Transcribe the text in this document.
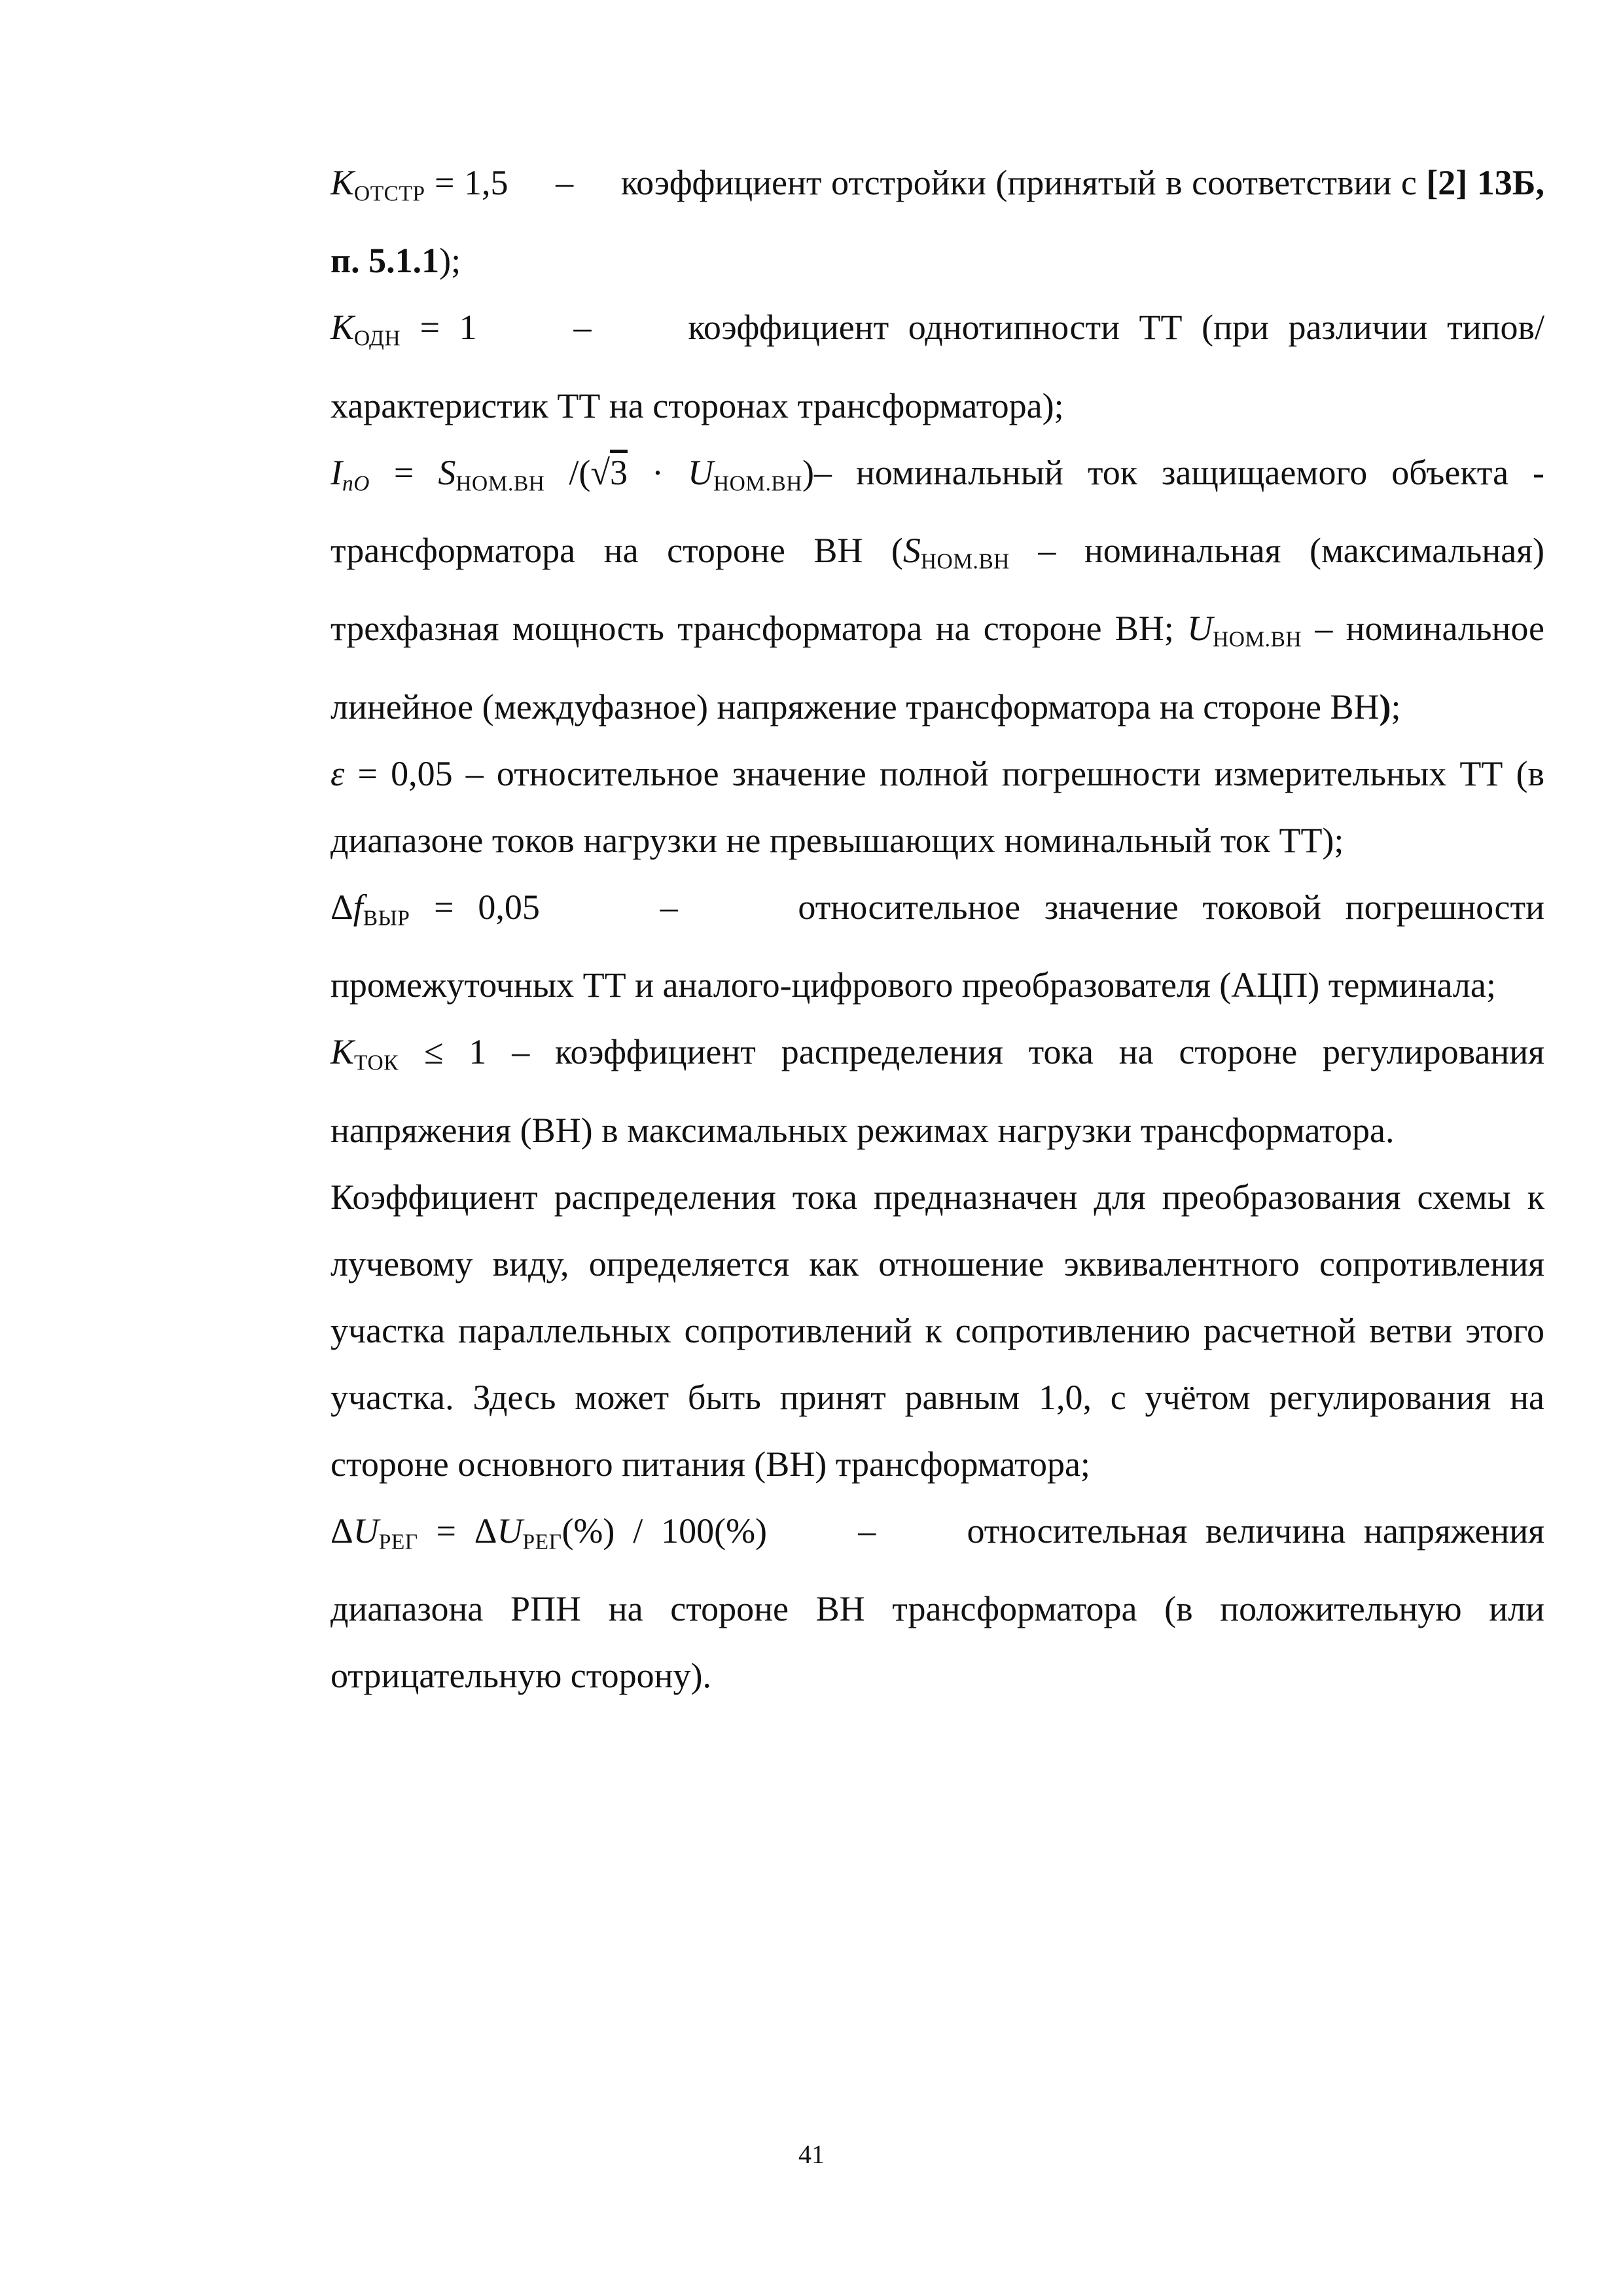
$K_{ОТСТР} = 1,5$ – коэффициент отстройки (принятый в соответствии с [2] 13Б, п. 5.1.1);

$K_{ОДН} = 1$	–	коэффициент однотипности ТТ (при различии типов/характеристик ТТ на сторонах трансформатора);

$I_{nO} = S_{НОМ.ВН}$ $/(√3 \cdot U_{НОМ.ВН})-$ номинальный ток защищаемого объекта - трансформатора на стороне ВН ($S_{НОМ.ВН}$ – номинальная (максимальная) трехфазная мощность трансформатора на стороне ВН; $U_{НОМ.ВН}$ – номинальное линейное (междуфазное) напряжение трансформатора на стороне ВН);

ε = 0,05 – относительное значение полной погрешности измерительных ТТ (в диапазоне токов нагрузки не превышающих номинальный ток ТТ);

$\Delta f_{ВЫР} = 0,05$	–	относительное значение токовой погрешности промежуточных ТТ и аналого-цифрового преобразователя (АЦП) терминала;

$K_{ТОК} \le 1$ – коэффициент распределения тока на стороне регулирования напряжения (ВН) в максимальных режимах нагрузки трансформатора.

Коэффициент распределения тока предназначен для преобразования схемы к лучевому виду, определяется как отношение эквивалентного сопротивления участка параллельных сопротивлений к сопротивлению расчетной ветви этого участка. Здесь может быть принят равным 1,0, с учётом регулирования на стороне основного питания (ВН) трансформатора;

$\Delta U_{РЕГ} = \Delta U_{РЕГ}(\%) / 100(\%)$	–	относительная величина напряжения диапазона РПН на стороне ВН трансформатора (в положительную или отрицательную сторону).

41
